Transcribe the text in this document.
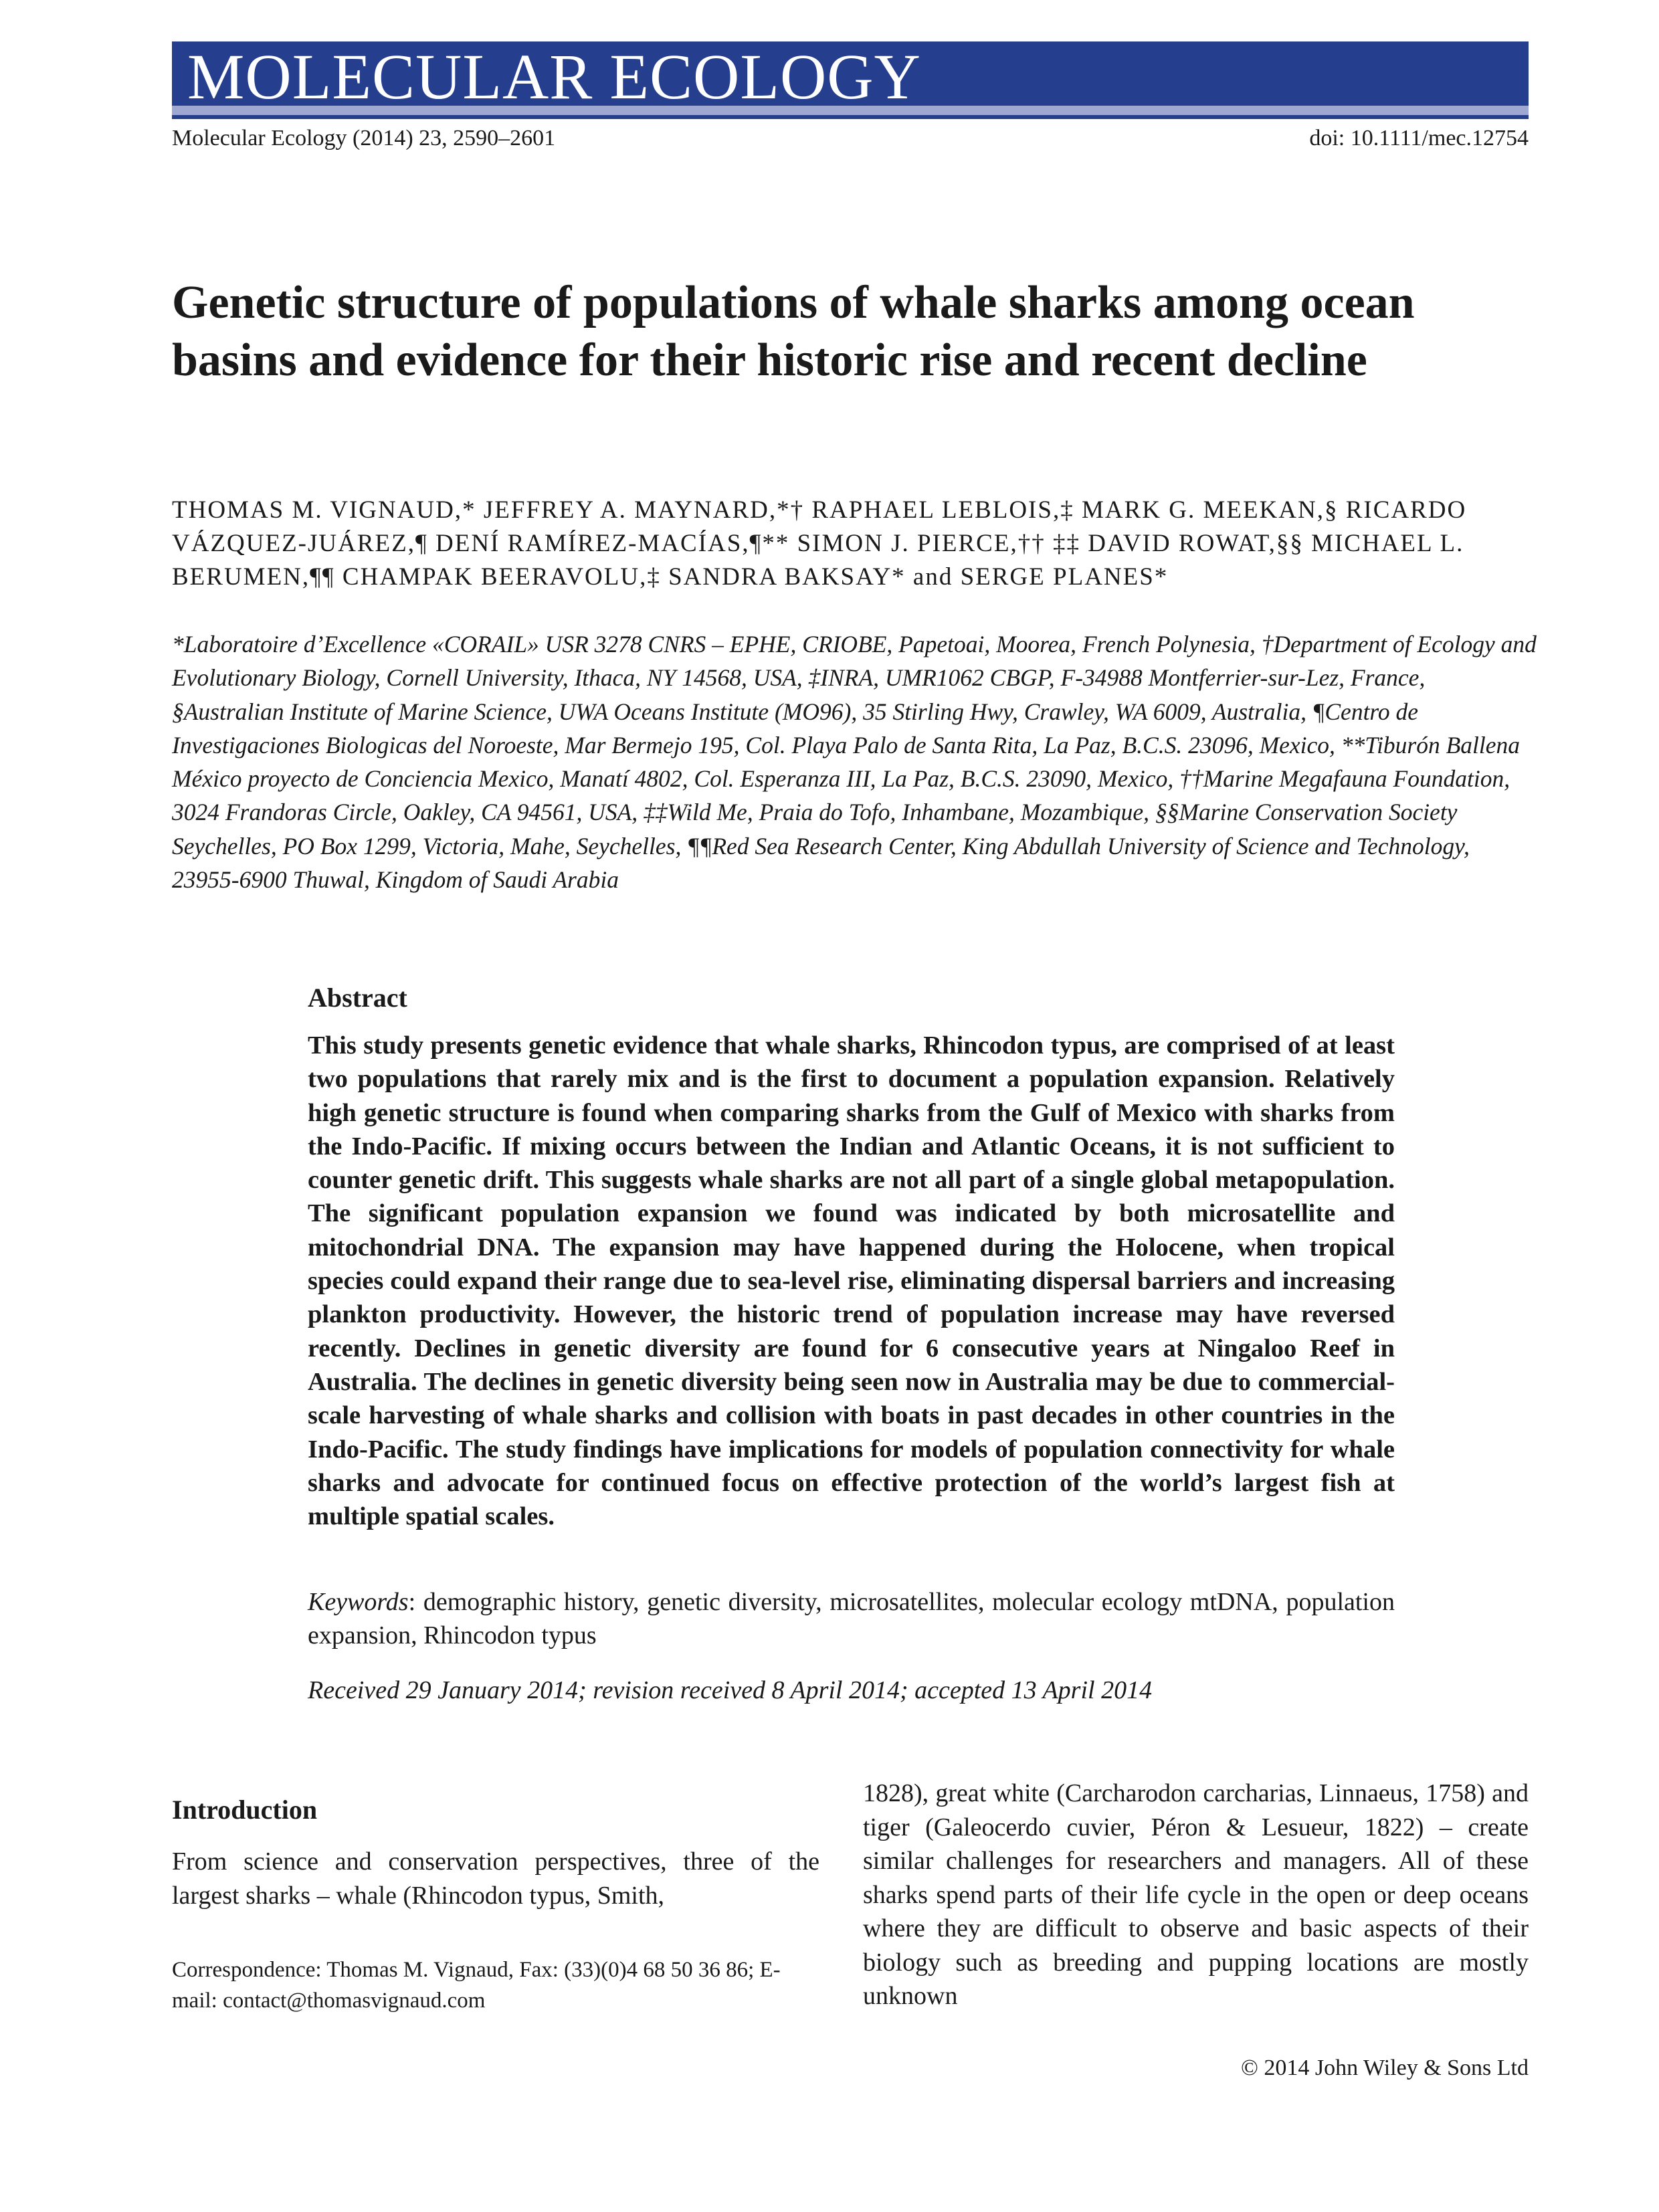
MOLECULAR ECOLOGY
Molecular Ecology (2014) 23, 2590–2601	doi: 10.1111/mec.12754
Genetic structure of populations of whale sharks among ocean basins and evidence for their historic rise and recent decline
THOMAS M. VIGNAUD,* JEFFREY A. MAYNARD,*† RAPHAEL LEBLOIS,‡ MARK G. MEEKAN,§ RICARDO VÁZQUEZ-JUÁREZ,¶ DENÍ RAMÍREZ-MACÍAS,¶** SIMON J. PIERCE,†† ‡‡ DAVID ROWAT,§§ MICHAEL L. BERUMEN,¶¶ CHAMPAK BEERAVOLU,‡ SANDRA BAKSAY* and SERGE PLANES*
*Laboratoire d’Excellence «CORAIL» USR 3278 CNRS – EPHE, CRIOBE, Papetoai, Moorea, French Polynesia, †Department of Ecology and Evolutionary Biology, Cornell University, Ithaca, NY 14568, USA, ‡INRA, UMR1062 CBGP, F-34988 Montferrier-sur-Lez, France, §Australian Institute of Marine Science, UWA Oceans Institute (MO96), 35 Stirling Hwy, Crawley, WA 6009, Australia, ¶Centro de Investigaciones Biologicas del Noroeste, Mar Bermejo 195, Col. Playa Palo de Santa Rita, La Paz, B.C.S. 23096, Mexico, **Tiburón Ballena México proyecto de Conciencia Mexico, Manatí 4802, Col. Esperanza III, La Paz, B.C.S. 23090, Mexico, ††Marine Megafauna Foundation, 3024 Frandoras Circle, Oakley, CA 94561, USA, ‡‡Wild Me, Praia do Tofo, Inhambane, Mozambique, §§Marine Conservation Society Seychelles, PO Box 1299, Victoria, Mahe, Seychelles, ¶¶Red Sea Research Center, King Abdullah University of Science and Technology, 23955-6900 Thuwal, Kingdom of Saudi Arabia
Abstract

This study presents genetic evidence that whale sharks, Rhincodon typus, are comprised of at least two populations that rarely mix and is the first to document a population expansion. Relatively high genetic structure is found when comparing sharks from the Gulf of Mexico with sharks from the Indo-Pacific. If mixing occurs between the Indian and Atlantic Oceans, it is not sufficient to counter genetic drift. This suggests whale sharks are not all part of a single global metapopulation. The significant population expansion we found was indicated by both microsatellite and mitochondrial DNA. The expansion may have happened during the Holocene, when tropical species could expand their range due to sea-level rise, eliminating dispersal barriers and increasing plankton productivity. However, the historic trend of population increase may have reversed recently. Declines in genetic diversity are found for 6 consecutive years at Ningaloo Reef in Australia. The declines in genetic diversity being seen now in Australia may be due to commercial-scale harvesting of whale sharks and collision with boats in past decades in other countries in the Indo-Pacific. The study findings have implications for models of population connectivity for whale sharks and advocate for continued focus on effective protection of the world’s largest fish at multiple spatial scales.

Keywords: demographic history, genetic diversity, microsatellites, molecular ecology mtDNA, population expansion, Rhincodon typus

Received 29 January 2014; revision received 8 April 2014; accepted 13 April 2014
Introduction

From science and conservation perspectives, three of the largest sharks – whale (Rhincodon typus, Smith,

Correspondence: Thomas M. Vignaud, Fax: (33)(0)4 68 50 36 86; E-mail: contact@thomasvignaud.com

1828), great white (Carcharodon carcharias, Linnaeus, 1758) and tiger (Galeocerdo cuvier, Péron & Lesueur, 1822) – create similar challenges for researchers and managers. All of these sharks spend parts of their life cycle in the open or deep oceans where they are difficult to observe and basic aspects of their biology such as breeding and pupping locations are mostly unknown

© 2014 John Wiley & Sons Ltd
